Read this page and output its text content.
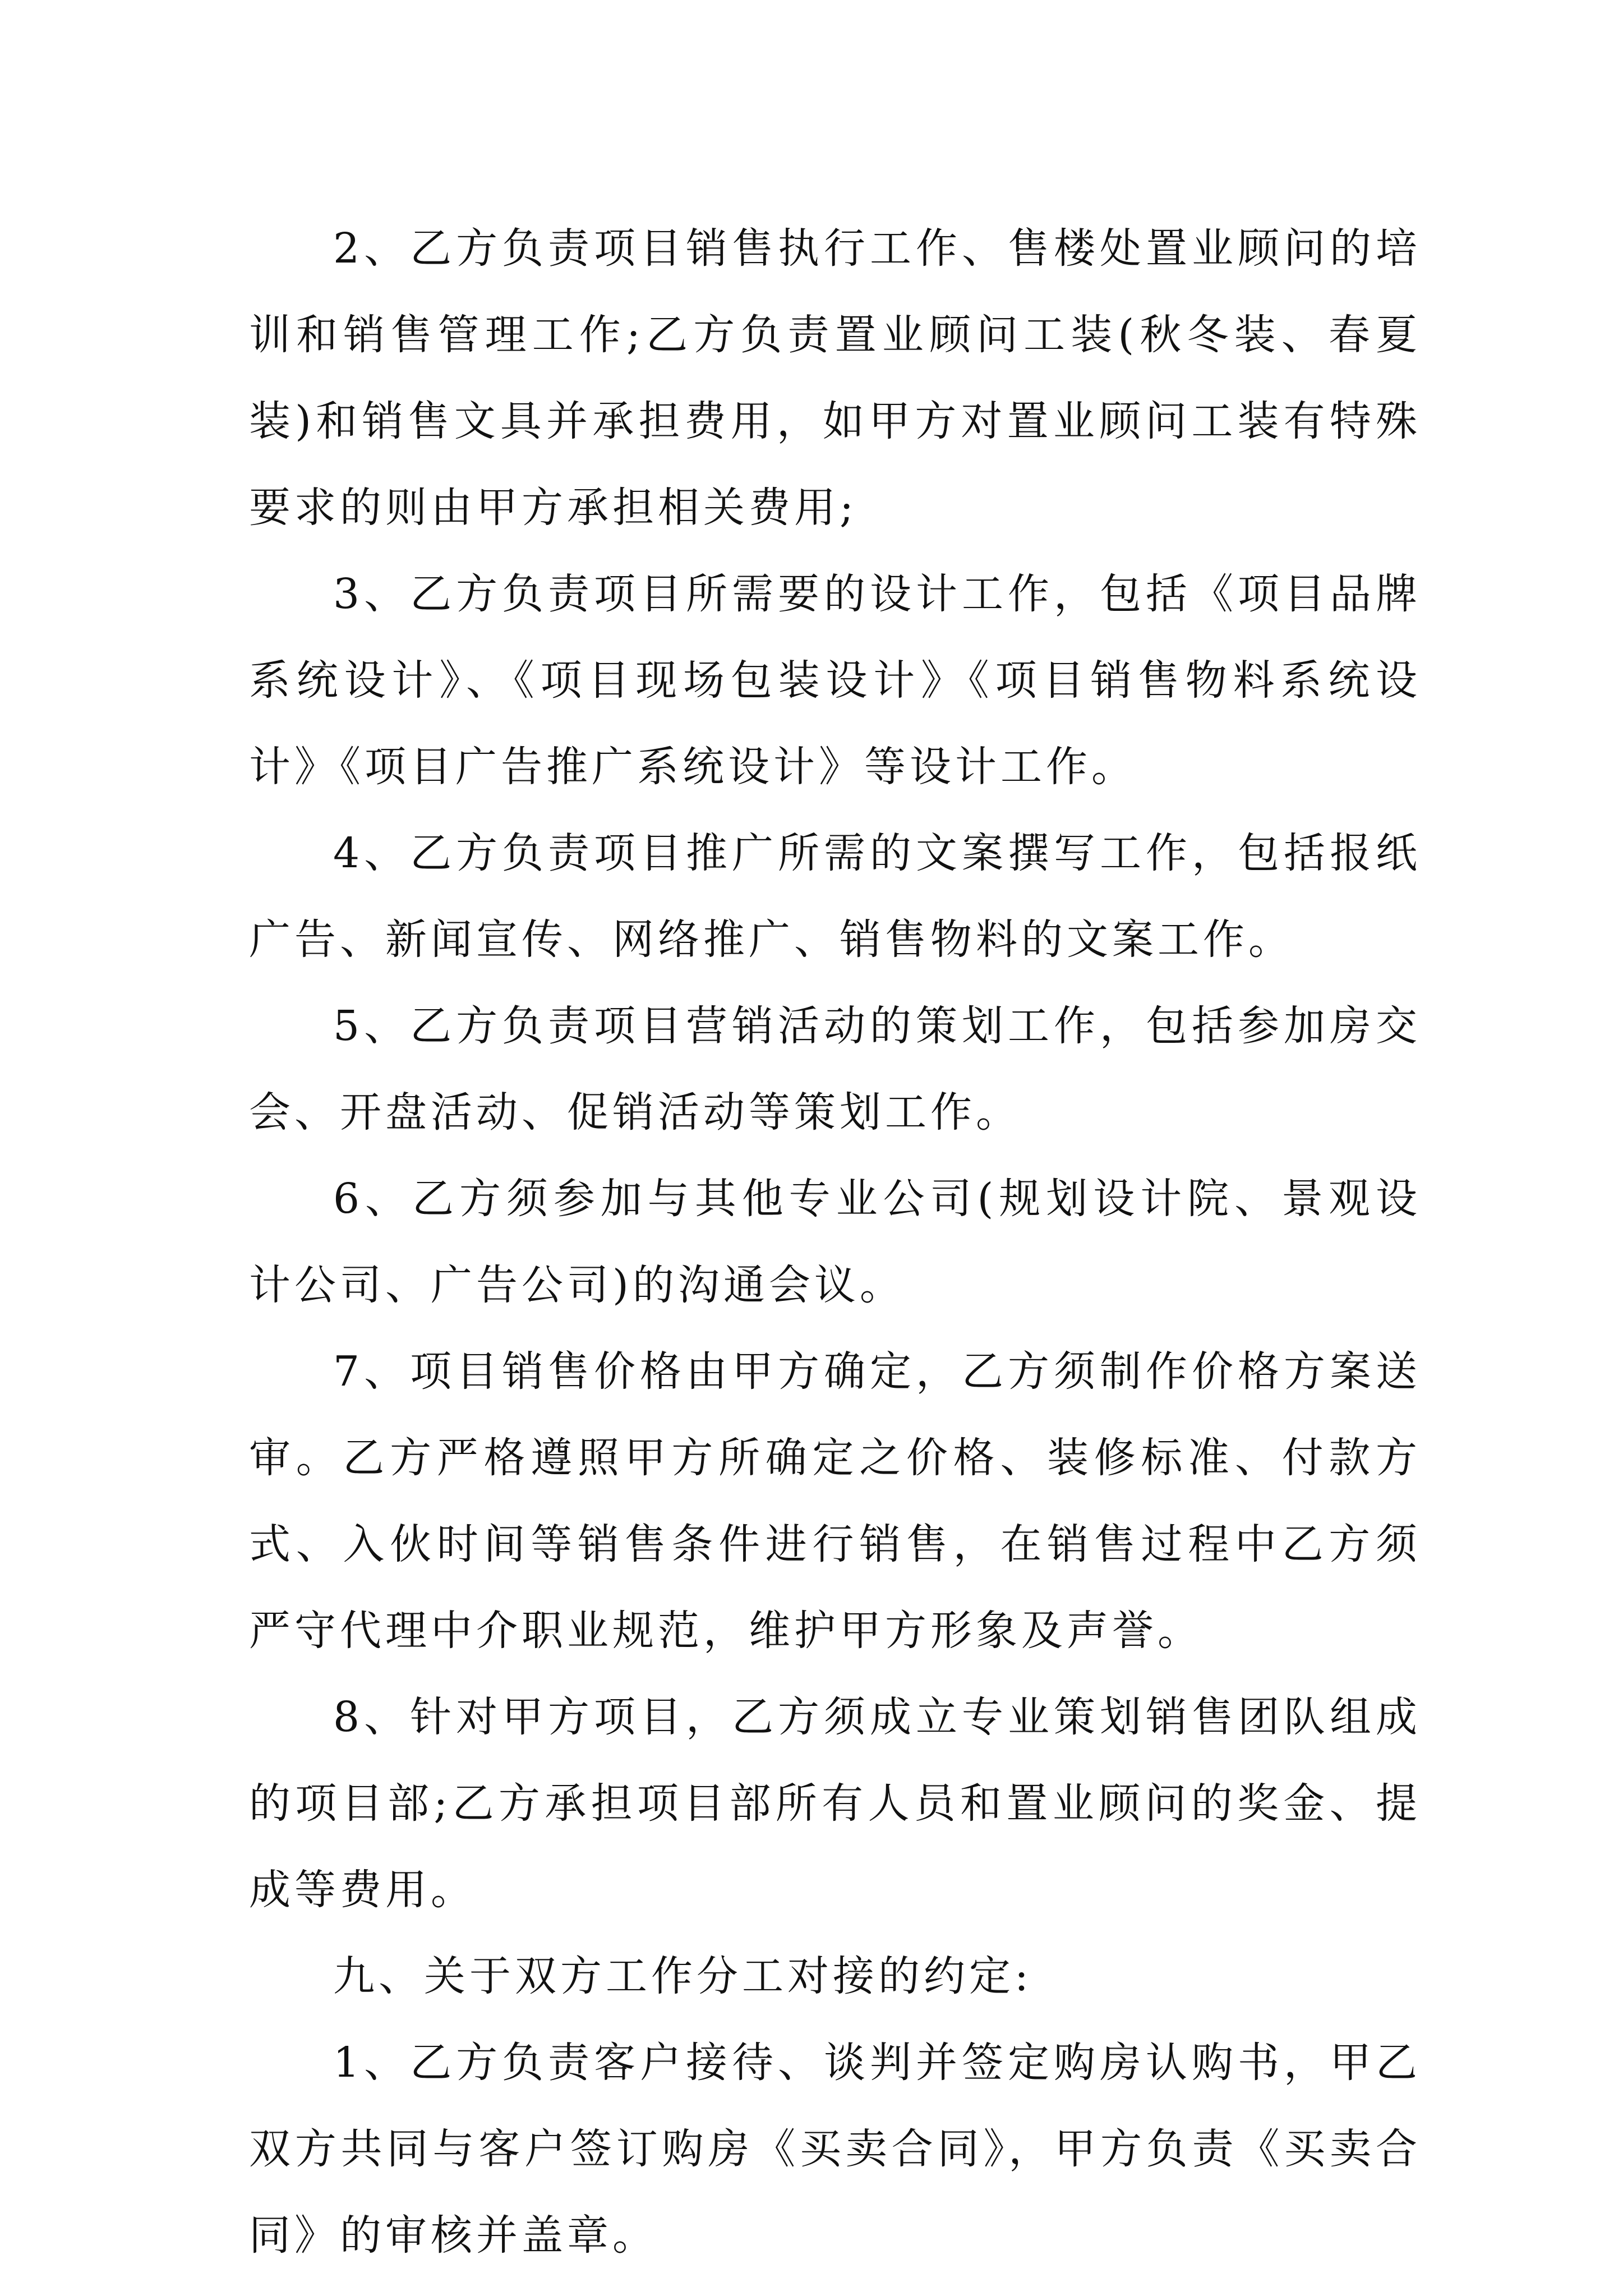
2、乙方负责项目销售执行工作、售楼处置业顾问的培训和销售管理工作;乙方负责置业顾问工装(秋冬装、春夏装)和销售文具并承担费用，如甲方对置业顾问工装有特殊要求的则由甲方承担相关费用;

3、乙方负责项目所需要的设计工作，包括《项目品牌系统设计》、《项目现场包装设计》《项目销售物料系统设计》《项目广告推广系统设计》等设计工作。

4、乙方负责项目推广所需的文案撰写工作，包括报纸广告、新闻宣传、网络推广、销售物料的文案工作。

5、乙方负责项目营销活动的策划工作，包括参加房交会、开盘活动、促销活动等策划工作。

6、乙方须参加与其他专业公司(规划设计院、景观设计公司、广告公司)的沟通会议。

7、项目销售价格由甲方确定，乙方须制作价格方案送审。乙方严格遵照甲方所确定之价格、装修标准、付款方式、入伙时间等销售条件进行销售，在销售过程中乙方须严守代理中介职业规范，维护甲方形象及声誉。

8、针对甲方项目，乙方须成立专业策划销售团队组成的项目部;乙方承担项目部所有人员和置业顾问的奖金、提成等费用。

九、关于双方工作分工对接的约定:

1、乙方负责客户接待、谈判并签定购房认购书，甲乙双方共同与客户签订购房《买卖合同》，甲方负责《买卖合同》的审核并盖章。
